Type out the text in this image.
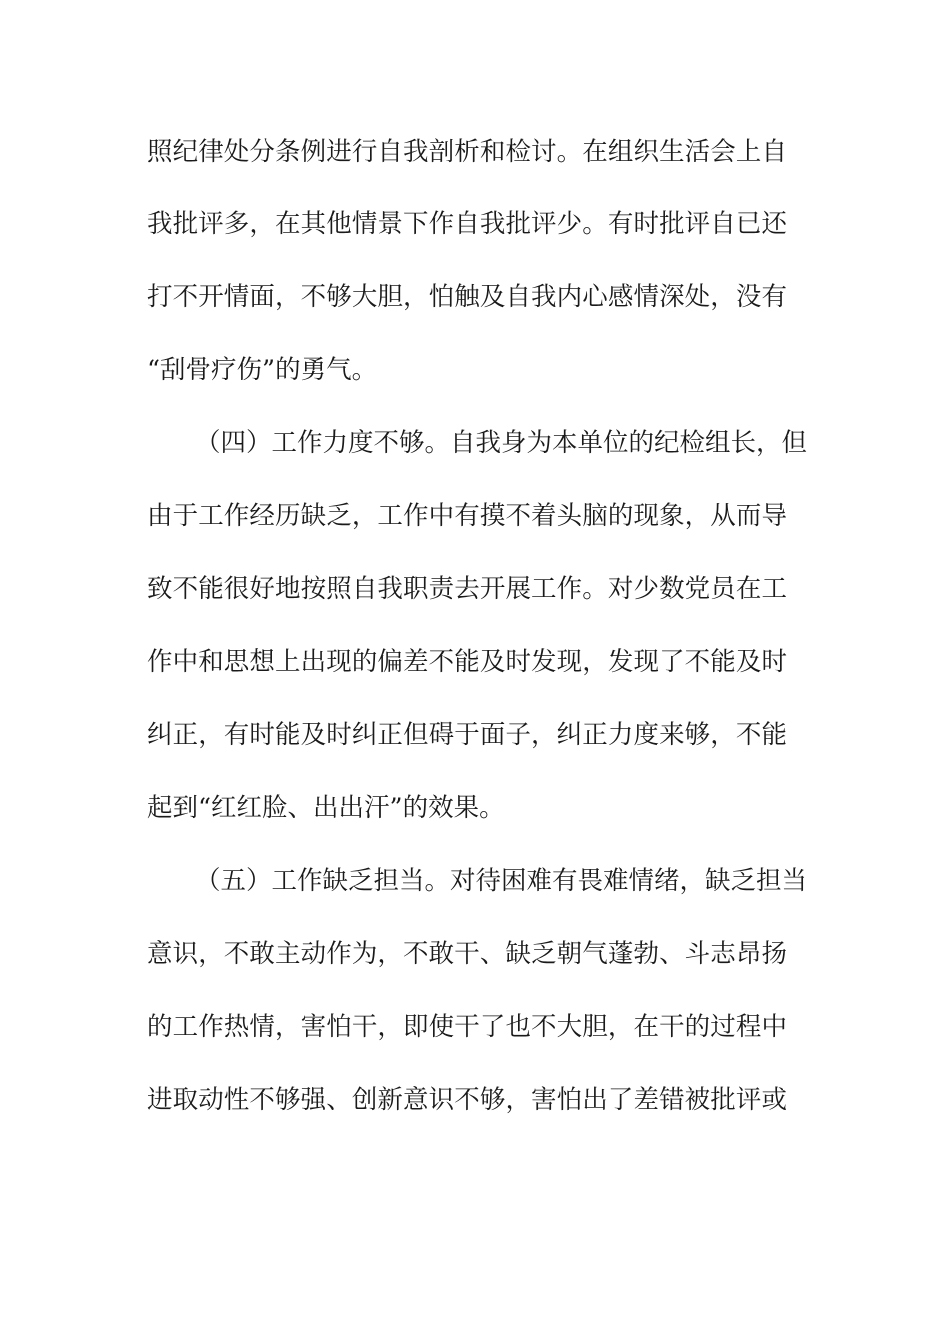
照纪律处分条例进行自我剖析和检讨。在组织生活会上自
我批评多，在其他情景下作自我批评少。有时批评自已还
打不开情面，不够大胆，怕触及自我内心感情深处，没有
“刮骨疗伤”的勇气。
（四）工作力度不够。自我身为本单位的纪检组长，但
由于工作经历缺乏，工作中有摸不着头脑的现象，从而导
致不能很好地按照自我职责去开展工作。对少数党员在工
作中和思想上出现的偏差不能及时发现，发现了不能及时
纠正，有时能及时纠正但碍于面子，纠正力度来够，不能
起到“红红脸、出出汗”的效果。
（五）工作缺乏担当。对待困难有畏难情绪，缺乏担当
意识，不敢主动作为，不敢干、缺乏朝气蓬勃、斗志昂扬
的工作热情，害怕干，即使干了也不大胆，在干的过程中
进取动性不够强、创新意识不够，害怕出了差错被批评或
